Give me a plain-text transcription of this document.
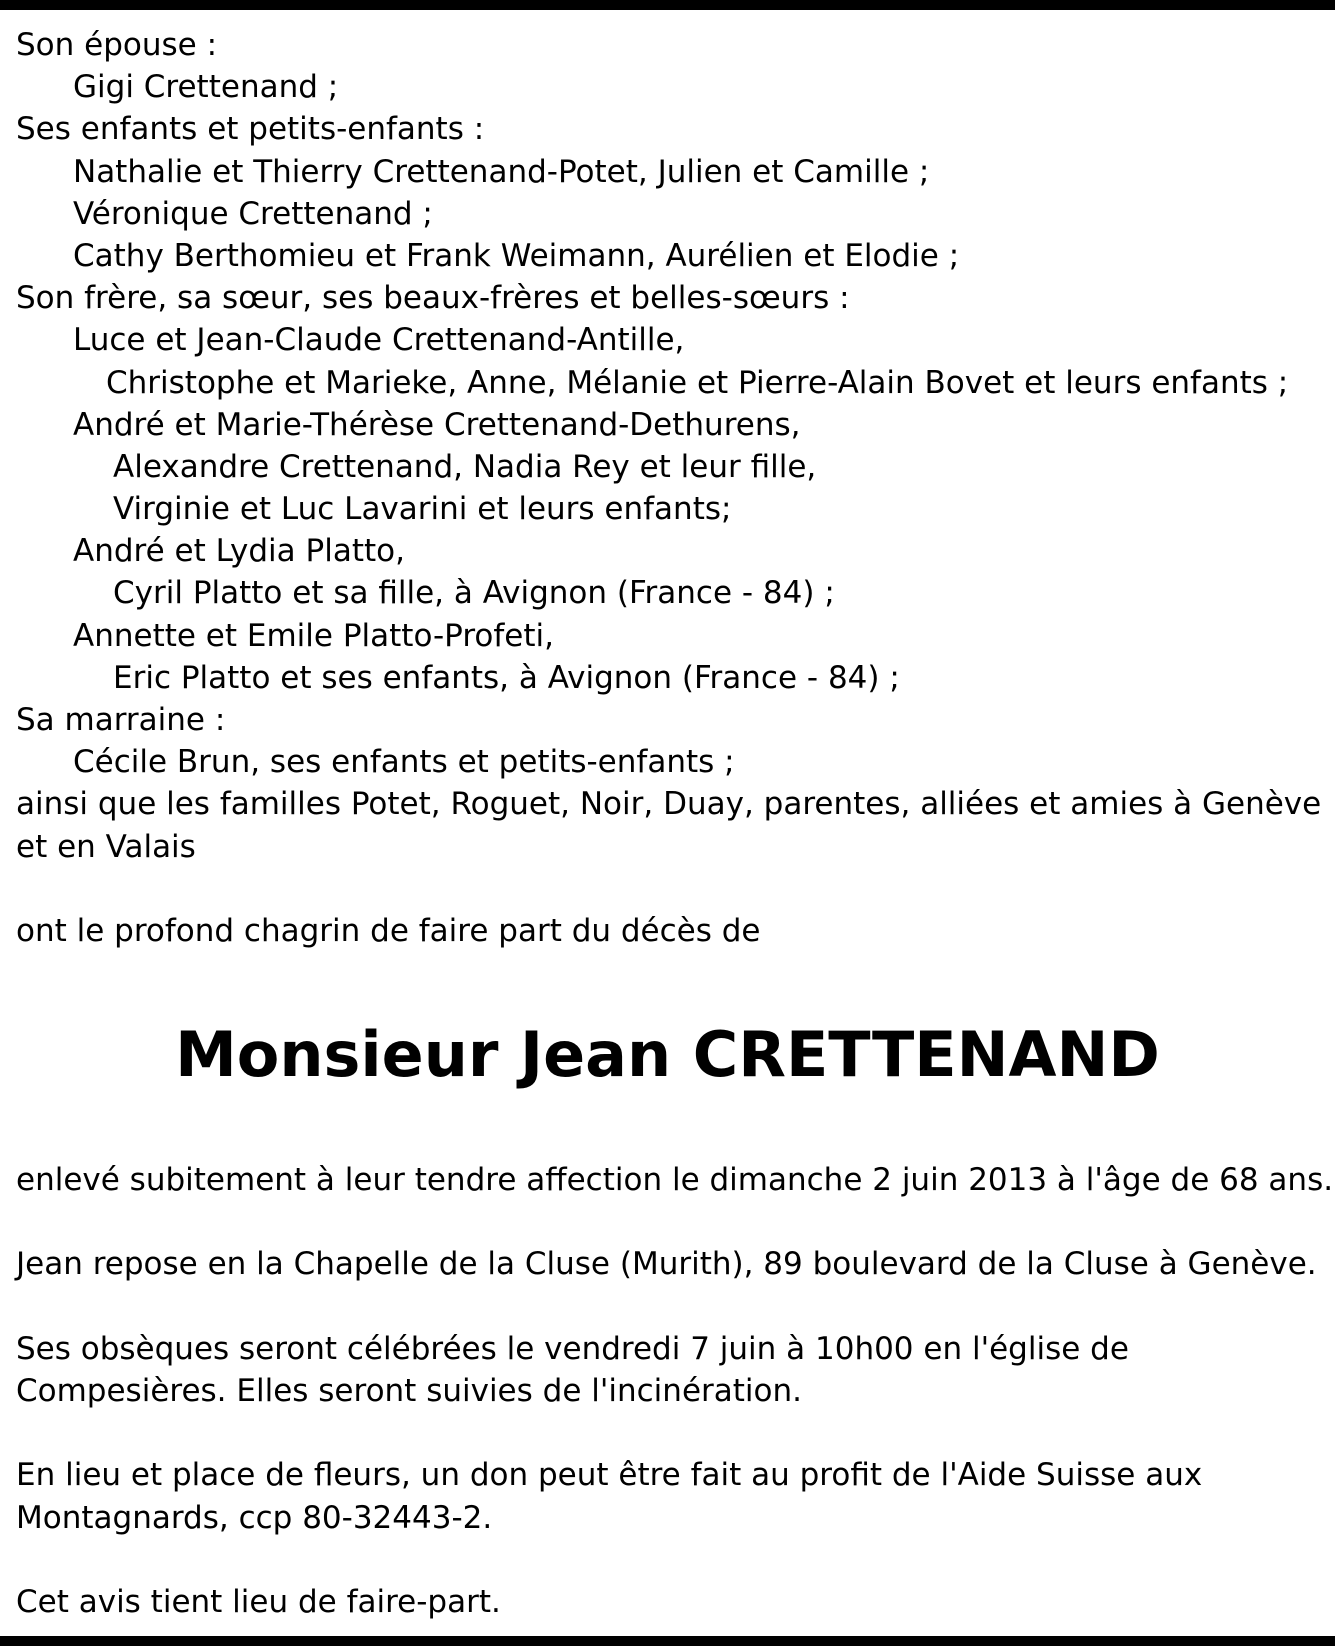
Son épouse :
Gigi Crettenand ;
Ses enfants et petits-enfants :
Nathalie et Thierry Crettenand-Potet, Julien et Camille ;
Véronique Crettenand ;
Cathy Berthomieu et Frank Weimann, Aurélien et Elodie ;
Son frère, sa sœur, ses beaux-frères et belles-sœurs :
Luce et Jean-Claude Crettenand-Antille,
Christophe et Marieke, Anne, Mélanie et Pierre-Alain Bovet et leurs enfants ;
André et Marie-Thérèse Crettenand-Dethurens,
Alexandre Crettenand, Nadia Rey et leur fille,
Virginie et Luc Lavarini et leurs enfants;
André et Lydia Platto,
Cyril Platto et sa fille, à Avignon (France - 84) ;
Annette et Emile Platto-Profeti,
Eric Platto et ses enfants, à Avignon (France - 84) ;
Sa marraine :
Cécile Brun, ses enfants et petits-enfants ;
ainsi que les familles Potet, Roguet, Noir, Duay, parentes, alliées et amies à Genève
et en Valais
ont le profond chagrin de faire part du décès de
Monsieur Jean CRETTENAND
enlevé subitement à leur tendre affection le dimanche 2 juin 2013 à l'âge de 68 ans.
Jean repose en la Chapelle de la Cluse (Murith), 89 boulevard de la Cluse à Genève.
Ses obsèques seront célébrées le vendredi 7 juin à 10h00 en l'église de
Compesières. Elles seront suivies de l'incinération.
En lieu et place de fleurs, un don peut être fait au profit de l'Aide Suisse aux
Montagnards, ccp 80-32443-2.
Cet avis tient lieu de faire-part.
